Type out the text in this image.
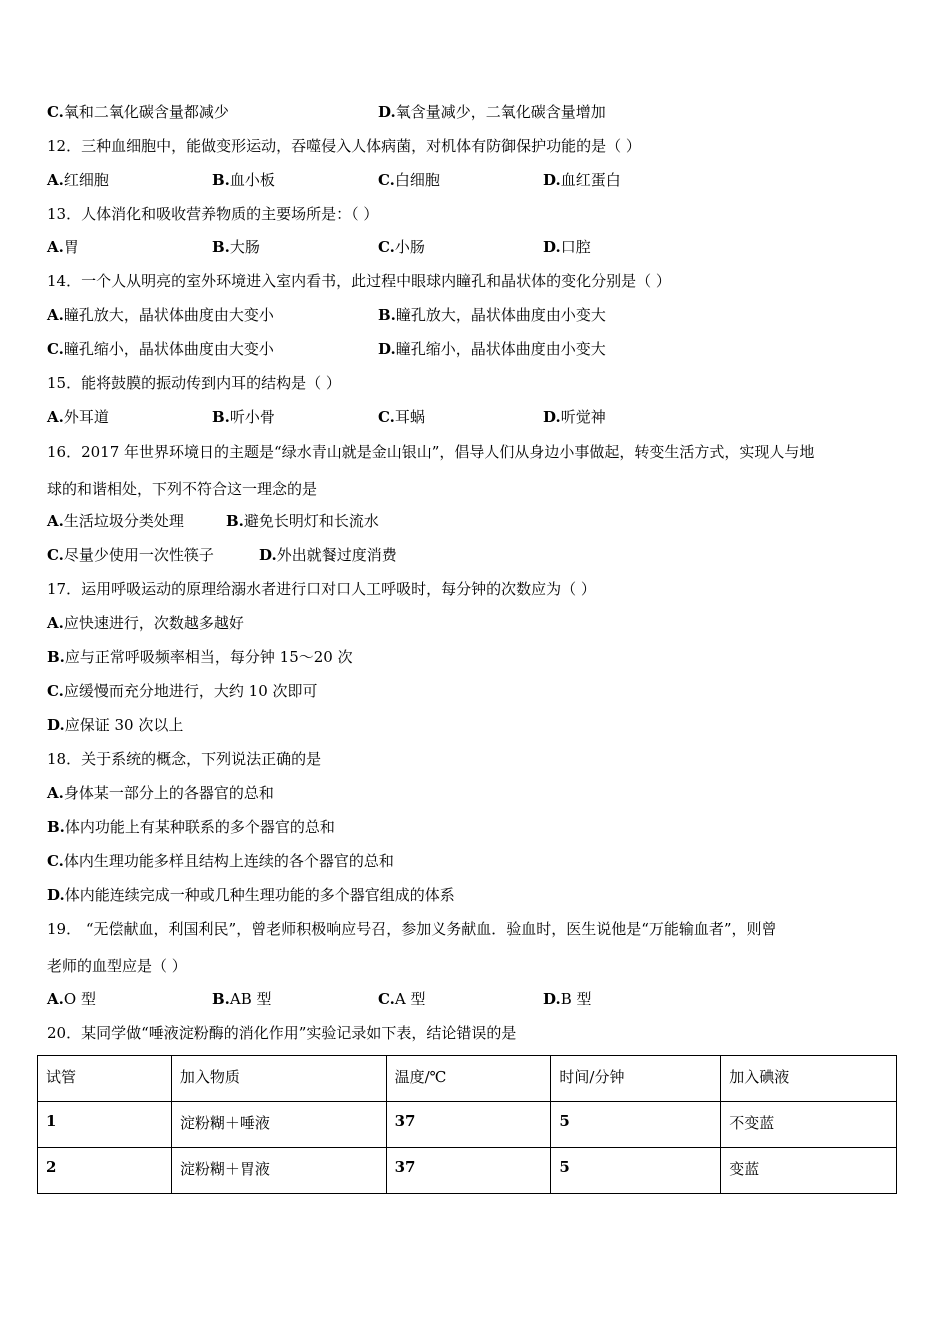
C.氧和二氧化碳含量都减少	D.氧含量减少，二氧化碳含量增加
12．三种血细胞中，能做变形运动，吞噬侵入人体病菌，对机体有防御保护功能的是（ ）
A.红细胞	B.血小板	C.白细胞	D.血红蛋白
13．人体消化和吸收营养物质的主要场所是：（ ）
A.胃	B.大肠	C.小肠	D.口腔
14．一个人从明亮的室外环境进入室内看书，此过程中眼球内瞳孔和晶状体的变化分别是（ ）
A.瞳孔放大，晶状体曲度由大变小	B.瞳孔放大，晶状体曲度由小变大
C.瞳孔缩小，晶状体曲度由大变小	D.瞳孔缩小，晶状体曲度由小变大
15．能将鼓膜的振动传到内耳的结构是（ ）
A.外耳道	B.听小骨	C.耳蜗	D.听觉神
16．2017 年世界环境日的主题是“绿水青山就是金山银山”，倡导人们从身边小事做起，转变生活方式，实现人与地
球的和谐相处，下列不符合这一理念的是
A.生活垃圾分类处理	B.避免长明灯和长流水
C.尽量少使用一次性筷子	D.外出就餐过度消费
17．运用呼吸运动的原理给溺水者进行口对口人工呼吸时，每分钟的次数应为（ ）
A.应快速进行，次数越多越好
B.应与正常呼吸频率相当，每分钟 15～20 次
C.应缓慢而充分地进行，大约 10 次即可
D.应保证 30 次以上
18．关于系统的概念，下列说法正确的是
A.身体某一部分上的各器官的总和
B.体内功能上有某种联系的多个器官的总和
C.体内生理功能多样且结构上连续的各个器官的总和
D.体内能连续完成一种或几种生理功能的多个器官组成的体系
19． “无偿献血，利国利民”，曾老师积极响应号召，参加义务献血．验血时，医生说他是“万能输血者”，则曾
老师的血型应是（ ）
A.O 型	B.AB 型	C.A 型	D.B 型
20．某同学做“唾液淀粉酶的消化作用”实验记录如下表，结论错误的是
试管	加入物质	温度/℃	时间/分钟	加入碘液
1	淀粉糊＋唾液	37	5	不变蓝
2	淀粉糊＋胃液	37	5	变蓝
